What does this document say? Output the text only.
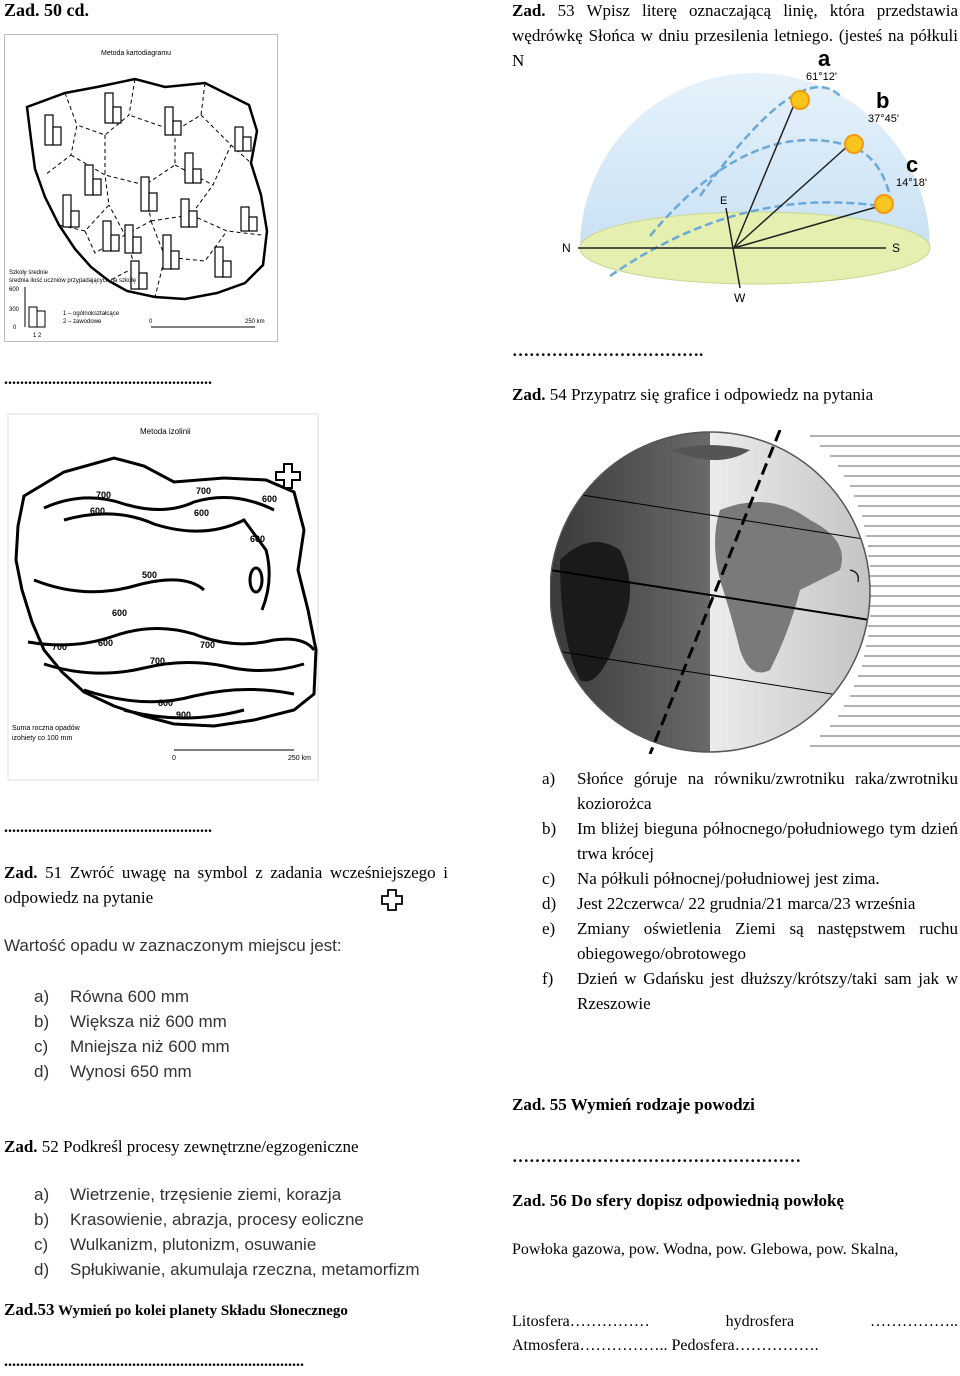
Zad. 50 cd.
Metoda kartodiagramu
Szkoły średnie
średnia ilość uczniów przypadających na szkołę
600
300
0
1 2
1 – ogólnokształcące
2 – zawodowe	0	250 km
....................................................
Metoda izolinii
700	700
600
600	600
600
500
600
700	600	700
700
800
900
Suma roczna opadów
izohiety co 100 mm
0	250 km
....................................................
Zad. 51 Zwróć uwagę na symbol z zadania wcześniejszego i odpowiedz na pytanie
Wartość opadu w zaznaczonym miejscu jest:
a) Równa 600 mm
b) Większa niż 600 mm
c) Mniejsza niż 600 mm
d) Wynosi 650 mm
Zad. 52 Podkreśl procesy zewnętrzne/egzogeniczne
a) Wietrzenie, trzęsienie ziemi, korazja
b) Krasowienie, abrazja, procesy eoliczne
c) Wulkanizm, plutonizm, osuwanie
d) Spłukiwanie, akumulaja rzeczna, metamorfizm
Zad.53 Wymień po kolei planety Składu Słonecznego
...........................................................................
Zad. 53 Wpisz literę oznaczającą linię, która przedstawia wędrówkę Słońca w dniu przesilenia letniego. (jesteś na półkuli N	a
61°12'
b
37°45'
c
14°18'
E
N	S
W
…………………………….
Zad. 54 Przypatrz się grafice i odpowiedz na pytania
a) Słońce góruje na równiku/zwrotniku raka/zwrotniku koziorożca
b) Im bliżej bieguna północnego/południowego tym dzień trwa krócej
c) Na półkuli północnej/południowej jest zima.
d) Jest 22czerwca/ 22 grudnia/21 marca/23 września
e) Zmiany oświetlenia Ziemi są następstwem ruchu obiegowego/obrotowego
f) Dzień w Gdańsku jest dłuższy/krótszy/taki sam jak w Rzeszowie
Zad. 55 Wymień rodzaje powodzi
……………………………………………
Zad. 56 Do sfery dopisz odpowiednią powłokę
Powłoka gazowa, pow. Wodna, pow. Glebowa, pow. Skalna,
Litosfera……………	hydrosfera	……………..
Atmosfera…………….. Pedosfera…………….
